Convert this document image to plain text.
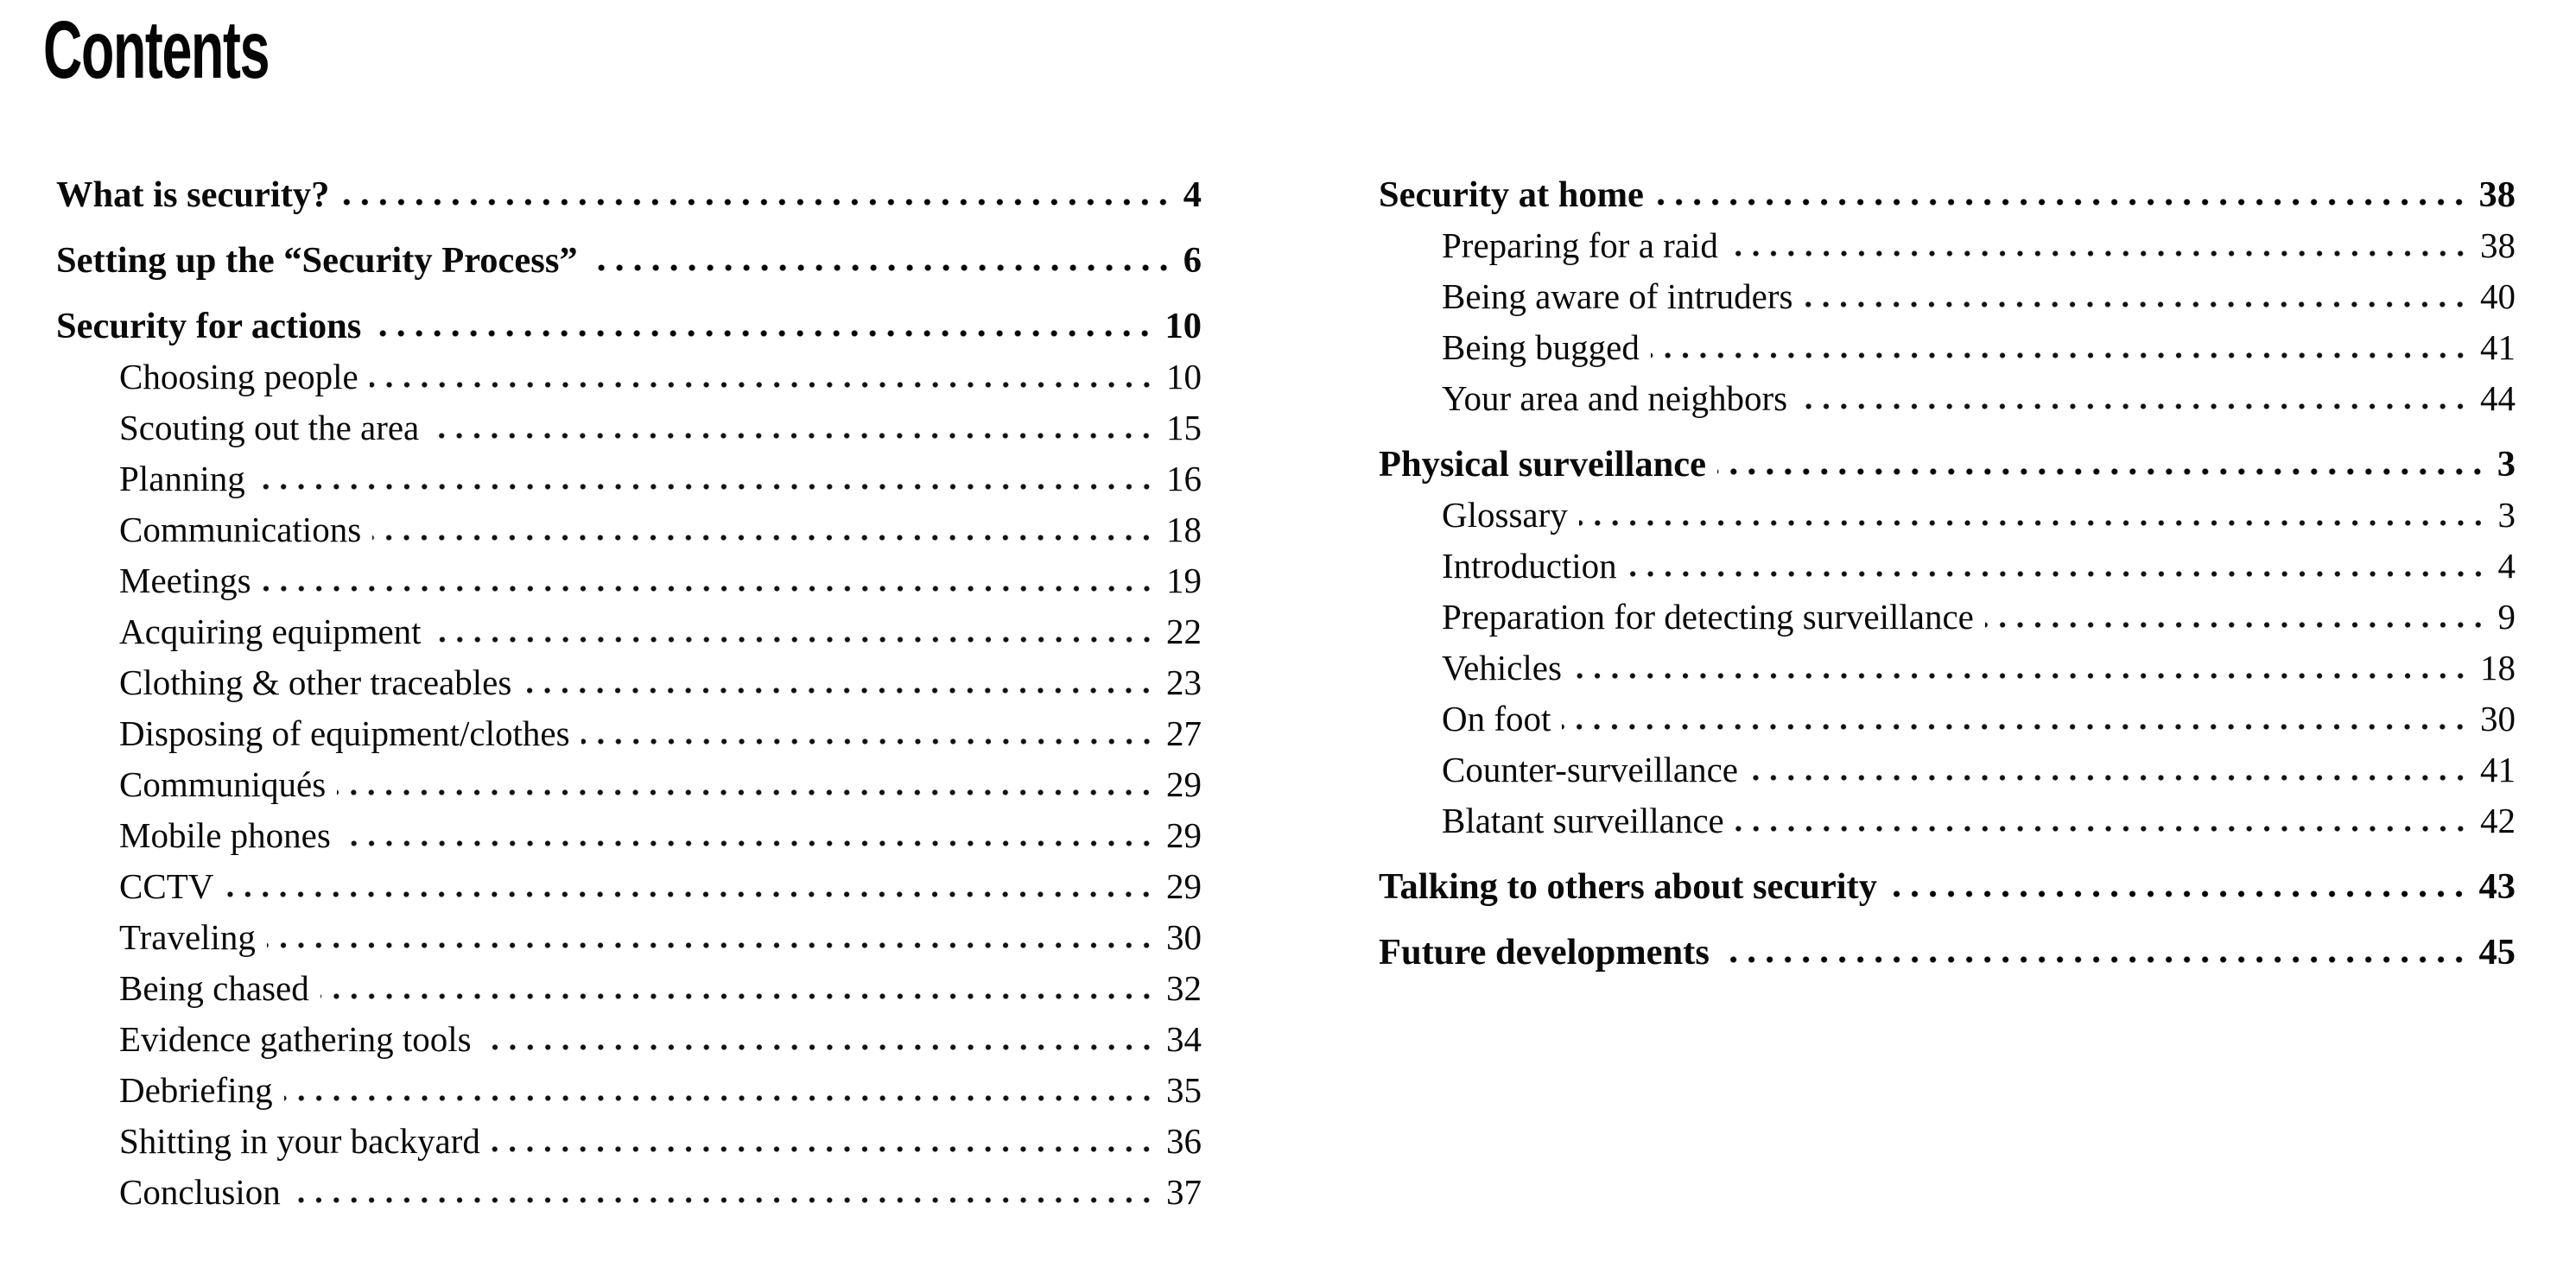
Contents
What is security?	4
Setting up the “Security Process”	6
Security for actions	10
Choosing people	10
Scouting out the area	15
Planning	16
Communications	18
Meetings	19
Acquiring equipment	22
Clothing & other traceables	23
Disposing of equipment/clothes	27
Communiqués	29
Mobile phones	29
CCTV	29
Traveling	30
Being chased	32
Evidence gathering tools	34
Debriefing	35
Shitting in your backyard	36
Conclusion	37
Security at home	38
Preparing for a raid	38
Being aware of intruders	40
Being bugged	41
Your area and neighbors	44
Physical surveillance	3
Glossary	3
Introduction	4
Preparation for detecting surveillance	9
Vehicles	18
On foot	30
Counter-surveillance	41
Blatant surveillance	42
Talking to others about security	43
Future developments	45
